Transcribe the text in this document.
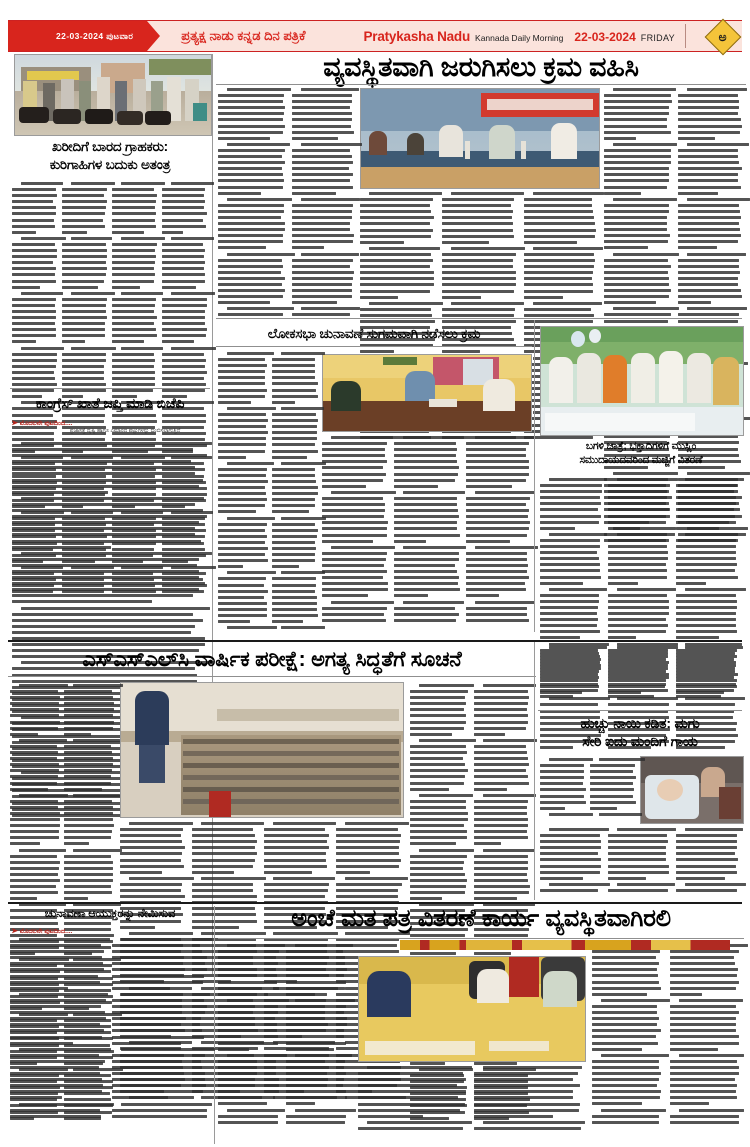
22-03-2024 ಪುಟವಾರ	ಪ್ರತ್ಯಕ್ಷ ನಾಡು ಕನ್ನಡ ದಿನ ಪತ್ರಿಕೆ	Pratykasha Nadu Kannada Daily Morning 22-03-2024 FRIDAY	ಅ
ವ್ಯವಸ್ಥಿತವಾಗಿ ಜರುಗಿಸಲು ಕ್ರಮ ವಹಿಸಿ
ಖರೀದಿಗೆ ಬಾರದ ಗ್ರಾಹಕರು:
ಕುರಿಗಾಹಿಗಳ ಬದುಕು ಅತಂತ್ರ
ಕಾಂಗ್ರೆಸ್ ಖಾತೆ ಜಪ್ತಿ ಮಾಡಿ ಬಿಜೆಪಿ
➤ ಮೊದಲನೇ ಪುಟದಿಂದ....
ಪ್ರಜಾಸತ್ತೆ ದೃಷ್ಟಿ ಹಾಗೂ ಎಮಾರದ ಪಟ್ಟುಗಳನ್ನು ಬಿಂಬಿಸಲಾಗುತ್ತಿದೆ
ಲೋಕಸಭಾ ಚುನಾವಣೆ ಸುಗಮವಾಗಿ ನಡೆಸಲು ಕ್ರಮ
ಬಗಳಿ ಜಾತ್ರೆ; ಭಕ್ತಾದಿಗಳಿಗೆ ಮುಸ್ಲಿಂ
ಸಮುದಾಯದವರಿಂದ ಮಜ್ಜಿಗೆ ವಿತರಣೆ
ಎಸ್‌ಎಸ್‌ಎಲ್‌ಸಿ ವಾರ್ಷಿಕ ಪರೀಕ್ಷೆ: ಅಗತ್ಯ ಸಿದ್ಧತೆಗೆ ಸೂಚನೆ
ಹುಚ್ಚು ನಾಯಿ ಕಡಿತ: ಮಗು
ಸೇರಿ ಐದು ಮಂದಿಗೆ ಗಾಯ
ಚುನಾವಣಾ ಆಯುಕ್ತರನ್ನು ನೇಮಿಸುವ
➤ ಮೊದಲನೇ ಪುಟದಿಂದ....	ಅಂಚೆ ಮತ ಪತ್ರ ವಿತರಣೆ ಕಾರ್ಯ ವ್ಯವಸ್ಥಿತವಾಗಿರಲಿ
